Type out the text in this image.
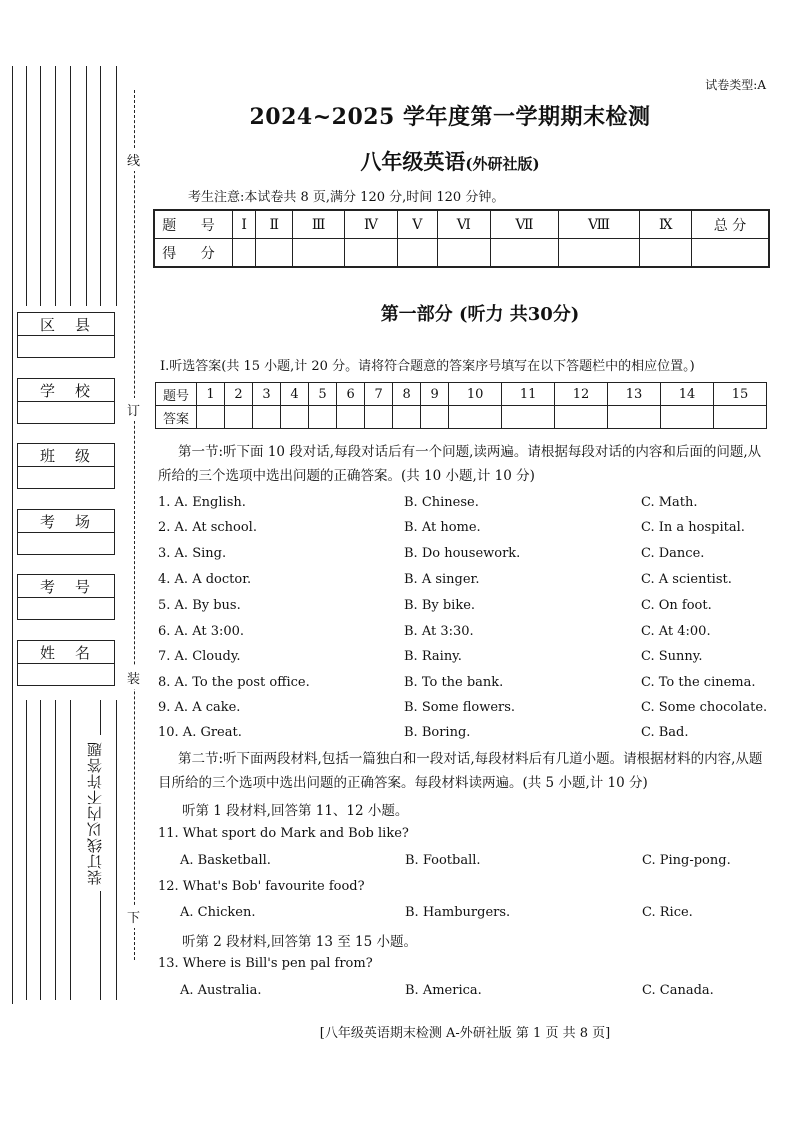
区县
学校
班级
考场
考号
姓名
线
订
装
下
装订线以内不许答题
试卷类型:A
2024~2025 学年度第一学期期末检测
八年级英语(外研社版)
考生注意:本试卷共 8 页,满分 120 分,时间 120 分钟。
题 号	Ⅰ	Ⅱ	Ⅲ	Ⅳ	Ⅴ	Ⅵ	Ⅶ	Ⅷ	Ⅸ	总 分
得 分										
第一部分 (听力 共30分)
Ⅰ.听选答案(共 15 小题,计 20 分。请将符合题意的答案序号填写在以下答题栏中的相应位置。)
题号	1	2	3	4	5	6	7	8	9	10	11	12	13	14	15
答案															
第一节:听下面 10 段对话,每段对话后有一个问题,读两遍。请根据每段对话的内容和后面的问题,从所给的三个选项中选出问题的正确答案。(共 10 小题,计 10 分)
1. A. English.	B. Chinese.	C. Math.
2. A. At school.	B. At home.	C. In a hospital.
3. A. Sing.	B. Do housework.	C. Dance.
4. A. A doctor.	B. A singer.	C. A scientist.
5. A. By bus.	B. By bike.	C. On foot.
6. A. At 3:00.	B. At 3:30.	C. At 4:00.
7. A. Cloudy.	B. Rainy.	C. Sunny.
8. A. To the post office.	B. To the bank.	C. To the cinema.
9. A. A cake.	B. Some flowers.	C. Some chocolate.
10. A. Great.	B. Boring.	C. Bad.
第二节:听下面两段材料,包括一篇独白和一段对话,每段材料后有几道小题。请根据材料的内容,从题目所给的三个选项中选出问题的正确答案。每段材料读两遍。(共 5 小题,计 10 分)
听第 1 段材料,回答第 11、12 小题。
11. What sport do Mark and Bob like?
A. Basketball.	B. Football.	C. Ping-pong.
12. What's Bob' favourite food?
A. Chicken.	B. Hamburgers.	C. Rice.
听第 2 段材料,回答第 13 至 15 小题。
13. Where is Bill's pen pal from?
A. Australia.	B. America.	C. Canada.
[八年级英语期末检测 A-外研社版 第 1 页 共 8 页]
